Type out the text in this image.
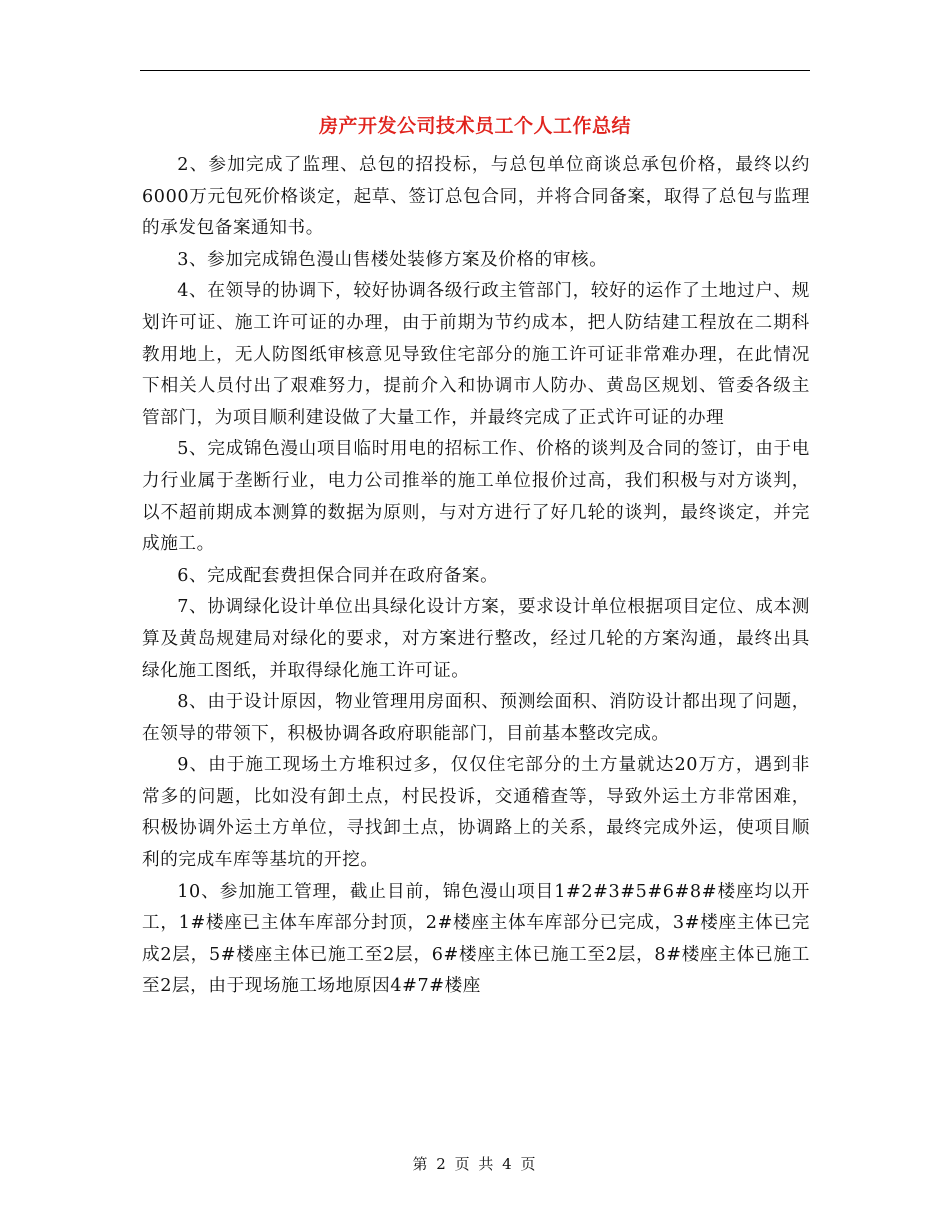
房产开发公司技术员工个人工作总结

2、参加完成了监理、总包的招投标，与总包单位商谈总承包价格，最终以约6000万元包死价格谈定，起草、签订总包合同，并将合同备案，取得了总包与监理的承发包备案通知书。

3、参加完成锦色漫山售楼处装修方案及价格的审核。

4、在领导的协调下，较好协调各级行政主管部门，较好的运作了土地过户、规划许可证、施工许可证的办理，由于前期为节约成本，把人防结建工程放在二期科教用地上，无人防图纸审核意见导致住宅部分的施工许可证非常难办理，在此情况下相关人员付出了艰难努力，提前介入和协调市人防办、黄岛区规划、管委各级主管部门，为项目顺利建设做了大量工作，并最终完成了正式许可证的办理

5、完成锦色漫山项目临时用电的招标工作、价格的谈判及合同的签订，由于电力行业属于垄断行业，电力公司推举的施工单位报价过高，我们积极与对方谈判，以不超前期成本测算的数据为原则，与对方进行了好几轮的谈判，最终谈定，并完成施工。

6、完成配套费担保合同并在政府备案。

7、协调绿化设计单位出具绿化设计方案，要求设计单位根据项目定位、成本测算及黄岛规建局对绿化的要求，对方案进行整改，经过几轮的方案沟通，最终出具绿化施工图纸，并取得绿化施工许可证。

8、由于设计原因，物业管理用房面积、预测绘面积、消防设计都出现了问题，在领导的带领下，积极协调各政府职能部门，目前基本整改完成。

9、由于施工现场土方堆积过多，仅仅住宅部分的土方量就达20万方，遇到非常多的问题，比如没有卸土点，村民投诉，交通稽查等，导致外运土方非常困难，积极协调外运土方单位，寻找卸土点，协调路上的关系，最终完成外运，使项目顺利的完成车库等基坑的开挖。

10、参加施工管理，截止目前，锦色漫山项目1#2#3#5#6#8#楼座均以开工，1#楼座已主体车库部分封顶，2#楼座主体车库部分已完成，3#楼座主体已完成2层，5#楼座主体已施工至2层，6#楼座主体已施工至2层，8#楼座主体已施工至2层，由于现场施工场地原因4#7#楼座

第 2 页 共 4 页
